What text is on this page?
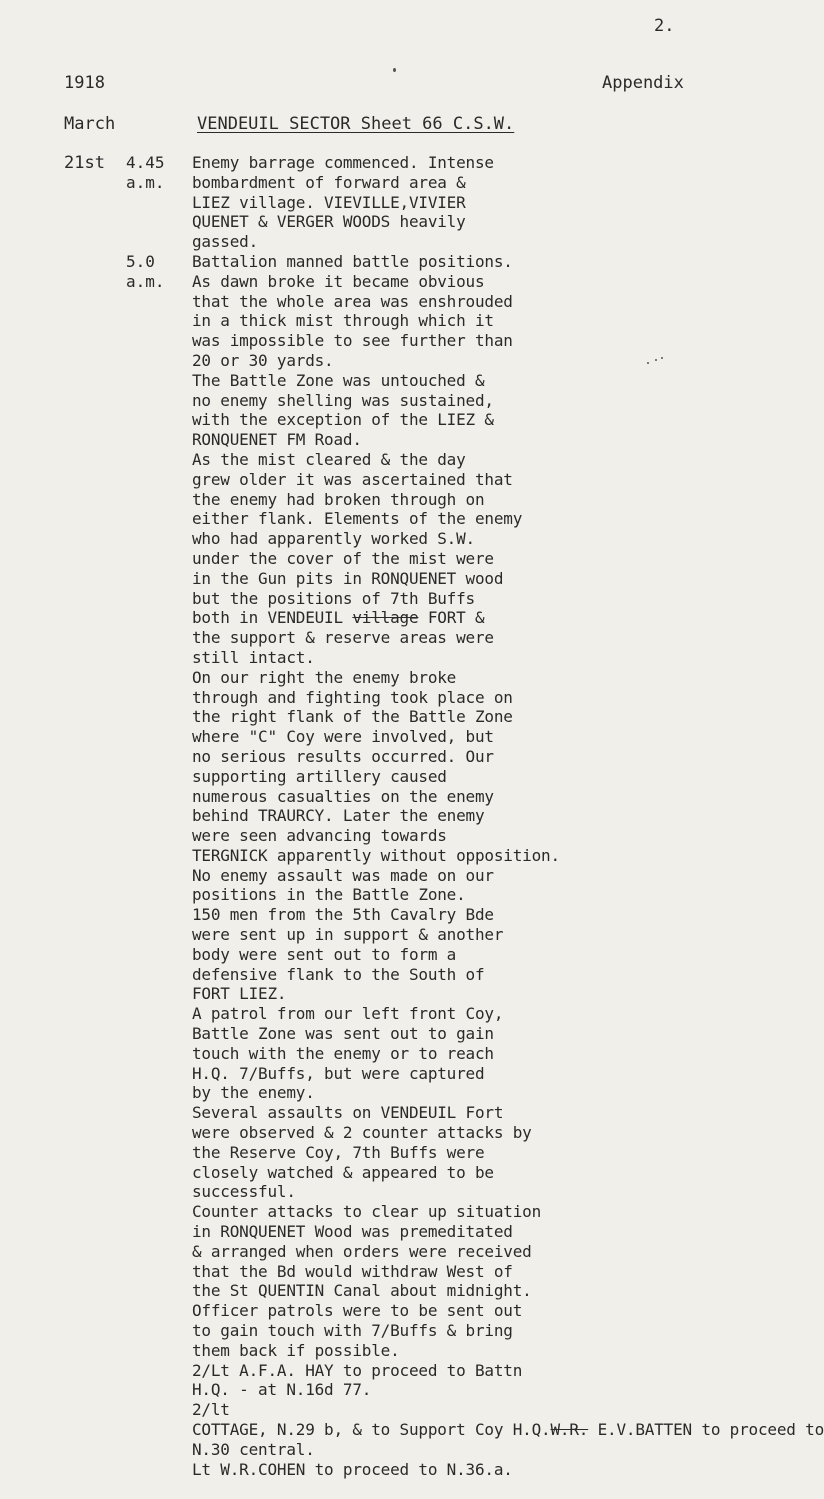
2.
1918	Appendix
March	VENDEUIL SECTOR Sheet 66 C.S.W.
21st 4.45
a.m.
5.0
a.m.
Enemy barrage commenced. Intense
bombardment of forward area &
LIEZ village. VIEVILLE,VIVIER
QUENET & VERGER WOODS heavily
gassed.
Battalion manned battle positions.
As dawn broke it became obvious
that the whole area was enshrouded
in a thick mist through which it
was impossible to see further than
20 or 30 yards.
The Battle Zone was untouched &
no enemy shelling was sustained,
with the exception of the LIEZ &
RONQUENET FM Road.
As the mist cleared & the day
grew older it was ascertained that
the enemy had broken through on
either flank. Elements of the enemy
who had apparently worked S.W.
under the cover of the mist were
in the Gun pits in RONQUENET wood
but the positions of 7th Buffs
both in VENDEUIL village FORT &
the support & reserve areas were
still intact.
On our right the enemy broke
through and fighting took place on
the right flank of the Battle Zone
where "C" Coy were involved, but
no serious results occurred. Our
supporting artillery caused
numerous casualties on the enemy
behind TRAURCY. Later the enemy
were seen advancing towards
TERGNICK apparently without opposition.
No enemy assault was made on our
positions in the Battle Zone.
150 men from the 5th Cavalry Bde
were sent up in support & another
body were sent out to form a
defensive flank to the South of
FORT LIEZ.
A patrol from our left front Coy,
Battle Zone was sent out to gain
touch with the enemy or to reach
H.Q. 7/Buffs, but were captured
by the enemy.
Several assaults on VENDEUIL Fort
were observed & 2 counter attacks by
the Reserve Coy, 7th Buffs were
closely watched & appeared to be
successful.
Counter attacks to clear up situation
in RONQUENET Wood was premeditated
& arranged when orders were received
that the Bd would withdraw West of
the St QUENTIN Canal about midnight.
Officer patrols were to be sent out
to gain touch with 7/Buffs & bring
them back if possible.
2/Lt A.F.A. HAY to proceed to Battn
H.Q. - at N.16d 77.
2/lt
COTTAGE, N.29 b, & to Support Coy H.Q.W.R. E.V.BATTEN to proceed to
N.30 central.
Lt W.R.COHEN to proceed to N.36.a.
